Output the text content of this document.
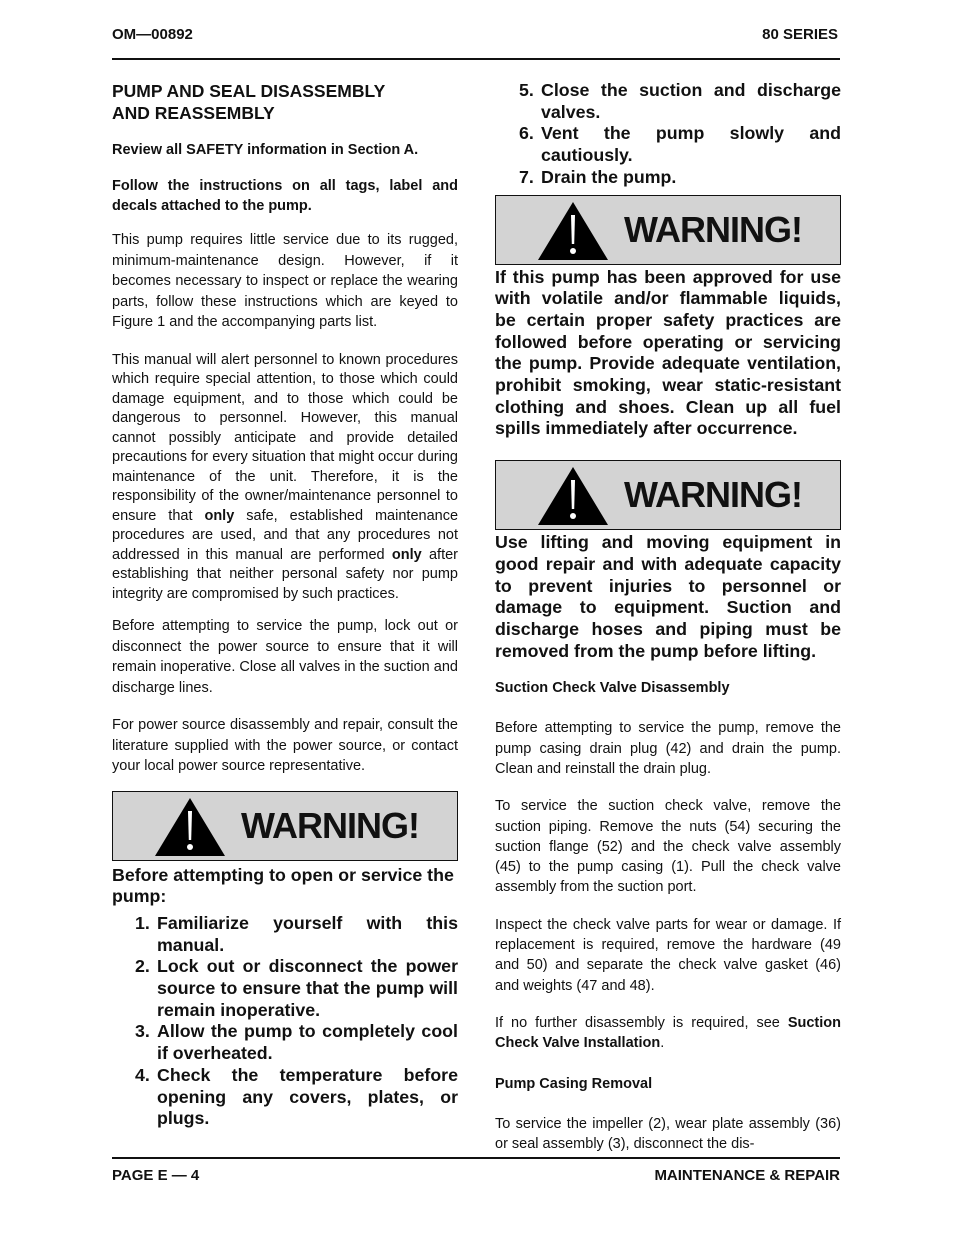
OM—00892	80 SERIES
PUMP AND SEAL DISASSEMBLY
AND REASSEMBLY
Review all SAFETY information in Section A.
Follow the instructions on all tags, label and decals attached to the pump.

This pump requires little service due to its rugged, minimum-maintenance design. However, if it becomes necessary to inspect or replace the wearing parts, follow these instructions which are keyed to Figure 1 and the accompanying parts list.

This manual will alert personnel to known procedures which require special attention, to those which could damage equipment, and to those which could be dangerous to personnel. However, this manual cannot possibly anticipate and provide detailed precautions for every situation that might occur during maintenance of the unit. Therefore, it is the responsibility of the owner/maintenance personnel to ensure that only safe, established maintenance procedures are used, and that any procedures not addressed in this manual are performed only after establishing that neither personal safety nor pump integrity are compromised by such practices.

Before attempting to service the pump, lock out or disconnect the power source to ensure that it will remain inoperative. Close all valves in the suction and discharge lines.

For power source disassembly and repair, consult the literature supplied with the power source, or contact your local power source representative.

WARNING!
Before attempting to open or service the pump:
1. Familiarize yourself with this manual.
2. Lock out or disconnect the power source to ensure that the pump will remain inoperative.
3. Allow the pump to completely cool if overheated.
4. Check the temperature before opening any covers, plates, or plugs.
5. Close the suction and discharge valves.
6. Vent the pump slowly and cautiously.
7. Drain the pump.
WARNING!
If this pump has been approved for use with volatile and/or flammable liquids, be certain proper safety practices are followed before operating or servicing the pump. Provide adequate ventilation, prohibit smoking, wear static-resistant clothing and shoes. Clean up all fuel spills immediately after occurrence.
WARNING!
Use lifting and moving equipment in good repair and with adequate capacity to prevent injuries to personnel or damage to equipment. Suction and discharge hoses and piping must be removed from the pump before lifting.
Suction Check Valve Disassembly

Before attempting to service the pump, remove the pump casing drain plug (42) and drain the pump. Clean and reinstall the drain plug.

To service the suction check valve, remove the suction piping. Remove the nuts (54) securing the suction flange (52) and the check valve assembly (45) to the pump casing (1). Pull the check valve assembly from the suction port.

Inspect the check valve parts for wear or damage. If replacement is required, remove the hardware (49 and 50) and separate the check valve gasket (46) and weights (47 and 48).

If no further disassembly is required, see Suction Check Valve Installation.

Pump Casing Removal

To service the impeller (2), wear plate assembly (36) or seal assembly (3), disconnect the dis-

PAGE E — 4	MAINTENANCE & REPAIR
